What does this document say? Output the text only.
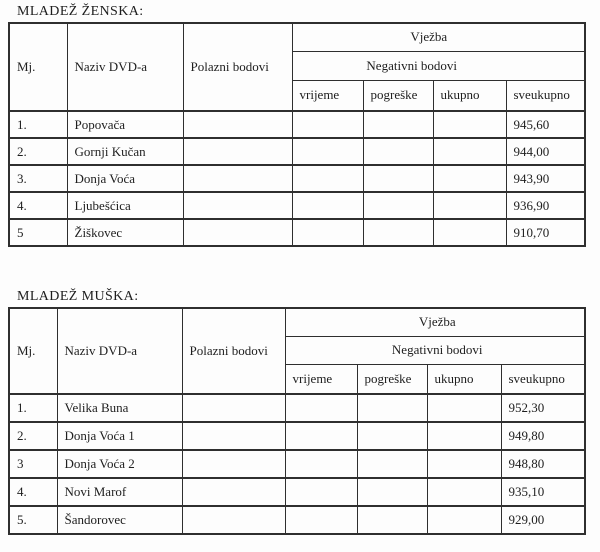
MLADEŽ ŽENSKA:
Mj.	Naziv DVD-a	Polazni bodovi	Vježba			
			Negativni bodovi			
			vrijeme	pogreške	ukupno	sveukupno
1.	Popovača					945,60
2.	Gornji Kučan					944,00
3.	Donja Voća					943,90
4.	Ljubešćica					936,90
5	Žiškovec					910,70
MLADEŽ MUŠKA:
Mj.	Naziv DVD-a	Polazni bodovi	Vježba			
			Negativni bodovi			
			vrijeme	pogreške	ukupno	sveukupno
1.	Velika Buna					952,30
2.	Donja Voća 1					949,80
3	Donja Voća 2					948,80
4.	Novi Marof					935,10
5.	Šandorovec					929,00
